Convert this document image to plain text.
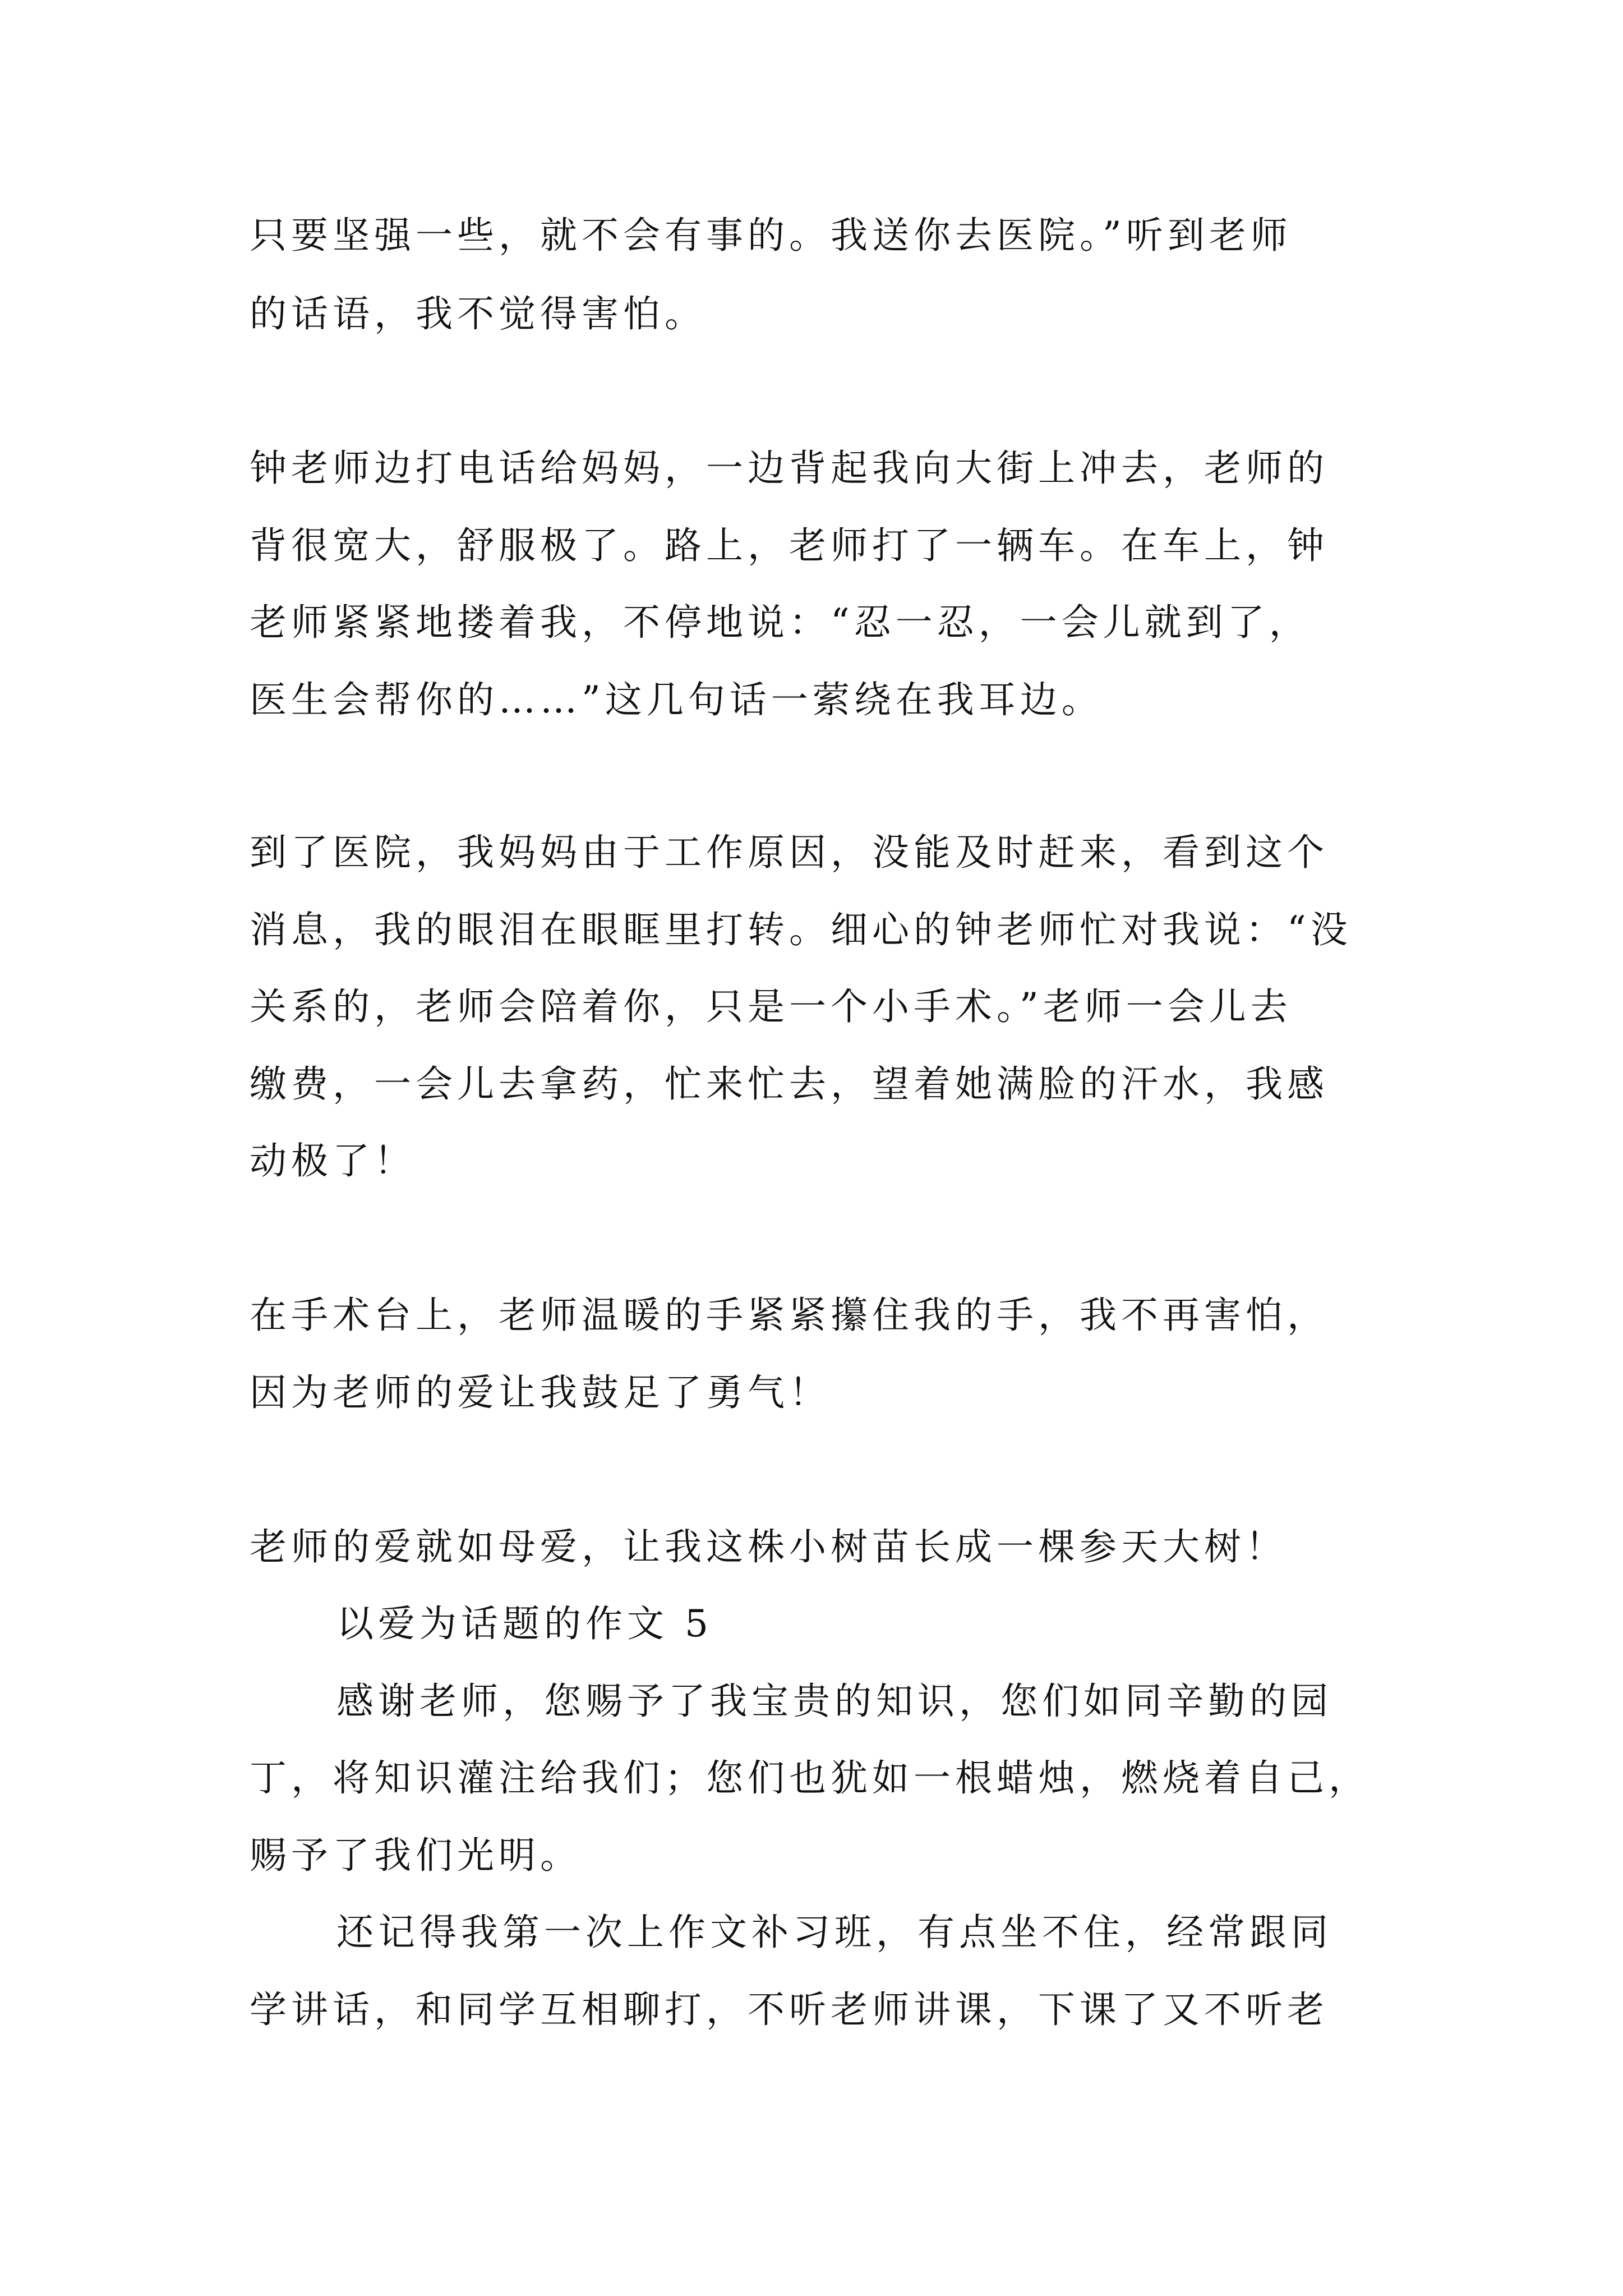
只要坚强一些，就不会有事的。我送你去医院。”听到老师
的话语，我不觉得害怕。
钟老师边打电话给妈妈，一边背起我向大街上冲去，老师的
背很宽大，舒服极了。路上，老师打了一辆车。在车上，钟
老师紧紧地搂着我，不停地说：“忍一忍，一会儿就到了，
医生会帮你的……”这几句话一萦绕在我耳边。
到了医院，我妈妈由于工作原因，没能及时赶来，看到这个
消息，我的眼泪在眼眶里打转。细心的钟老师忙对我说：“没
关系的，老师会陪着你，只是一个小手术。”老师一会儿去
缴费，一会儿去拿药，忙来忙去，望着她满脸的汗水，我感
动极了！
在手术台上，老师温暖的手紧紧攥住我的手，我不再害怕，
因为老师的爱让我鼓足了勇气！
老师的爱就如母爱，让我这株小树苗长成一棵参天大树！
以爱为话题的作文 5
感谢老师，您赐予了我宝贵的知识，您们如同辛勤的园
丁，将知识灌注给我们；您们也犹如一根蜡烛，燃烧着自己，
赐予了我们光明。
还记得我第一次上作文补习班，有点坐不住，经常跟同
学讲话，和同学互相聊打，不听老师讲课，下课了又不听老
